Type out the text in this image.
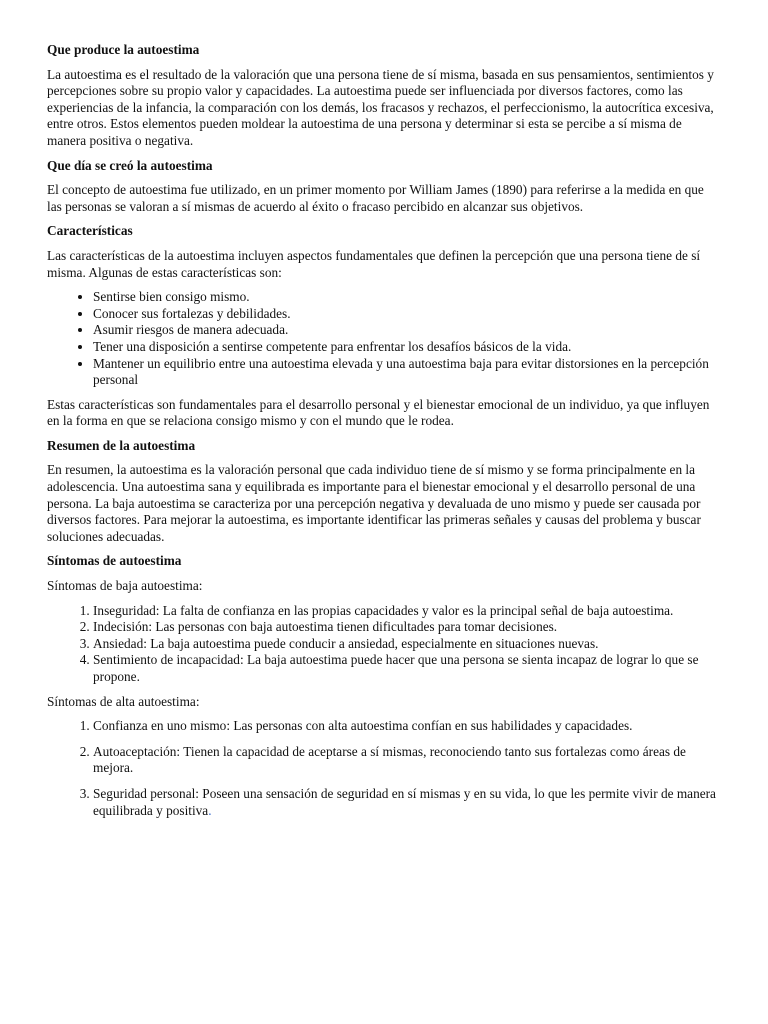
Que produce la autoestima

La autoestima es el resultado de la valoración que una persona tiene de sí misma, basada en sus pensamientos, sentimientos y percepciones sobre su propio valor y capacidades. La autoestima puede ser influenciada por diversos factores, como las experiencias de la infancia, la comparación con los demás, los fracasos y rechazos, el perfeccionismo, la autocrítica excesiva, entre otros. Estos elementos pueden moldear la autoestima de una persona y determinar si esta se percibe a sí misma de manera positiva o negativa.

Que día se creó la autoestima

El concepto de autoestima fue utilizado, en un primer momento por William James (1890) para referirse a la medida en que las personas se valoran a sí mismas de acuerdo al éxito o fracaso percibido en alcanzar sus objetivos.

Características

Las características de la autoestima incluyen aspectos fundamentales que definen la percepción que una persona tiene de sí misma. Algunas de estas características son:

• Sentirse bien consigo mismo.
• Conocer sus fortalezas y debilidades.
• Asumir riesgos de manera adecuada.
• Tener una disposición a sentirse competente para enfrentar los desafíos básicos de la vida.
• Mantener un equilibrio entre una autoestima elevada y una autoestima baja para evitar distorsiones en la percepción personal

Estas características son fundamentales para el desarrollo personal y el bienestar emocional de un individuo, ya que influyen en la forma en que se relaciona consigo mismo y con el mundo que le rodea.

Resumen de la autoestima

En resumen, la autoestima es la valoración personal que cada individuo tiene de sí mismo y se forma principalmente en la adolescencia. Una autoestima sana y equilibrada es importante para el bienestar emocional y el desarrollo personal de una persona. La baja autoestima se caracteriza por una percepción negativa y devaluada de uno mismo y puede ser causada por diversos factores. Para mejorar la autoestima, es importante identificar las primeras señales y causas del problema y buscar soluciones adecuadas.

Síntomas de autoestima

Síntomas de baja autoestima:

1. Inseguridad: La falta de confianza en las propias capacidades y valor es la principal señal de baja autoestima.
2. Indecisión: Las personas con baja autoestima tienen dificultades para tomar decisiones.
3. Ansiedad: La baja autoestima puede conducir a ansiedad, especialmente en situaciones nuevas.
4. Sentimiento de incapacidad: La baja autoestima puede hacer que una persona se sienta incapaz de lograr lo que se propone.

Síntomas de alta autoestima:

1. Confianza en uno mismo: Las personas con alta autoestima confían en sus habilidades y capacidades.
2. Autoaceptación: Tienen la capacidad de aceptarse a sí mismas, reconociendo tanto sus fortalezas como áreas de mejora.
3. Seguridad personal: Poseen una sensación de seguridad en sí mismas y en su vida, lo que les permite vivir de manera equilibrada y positiva.
